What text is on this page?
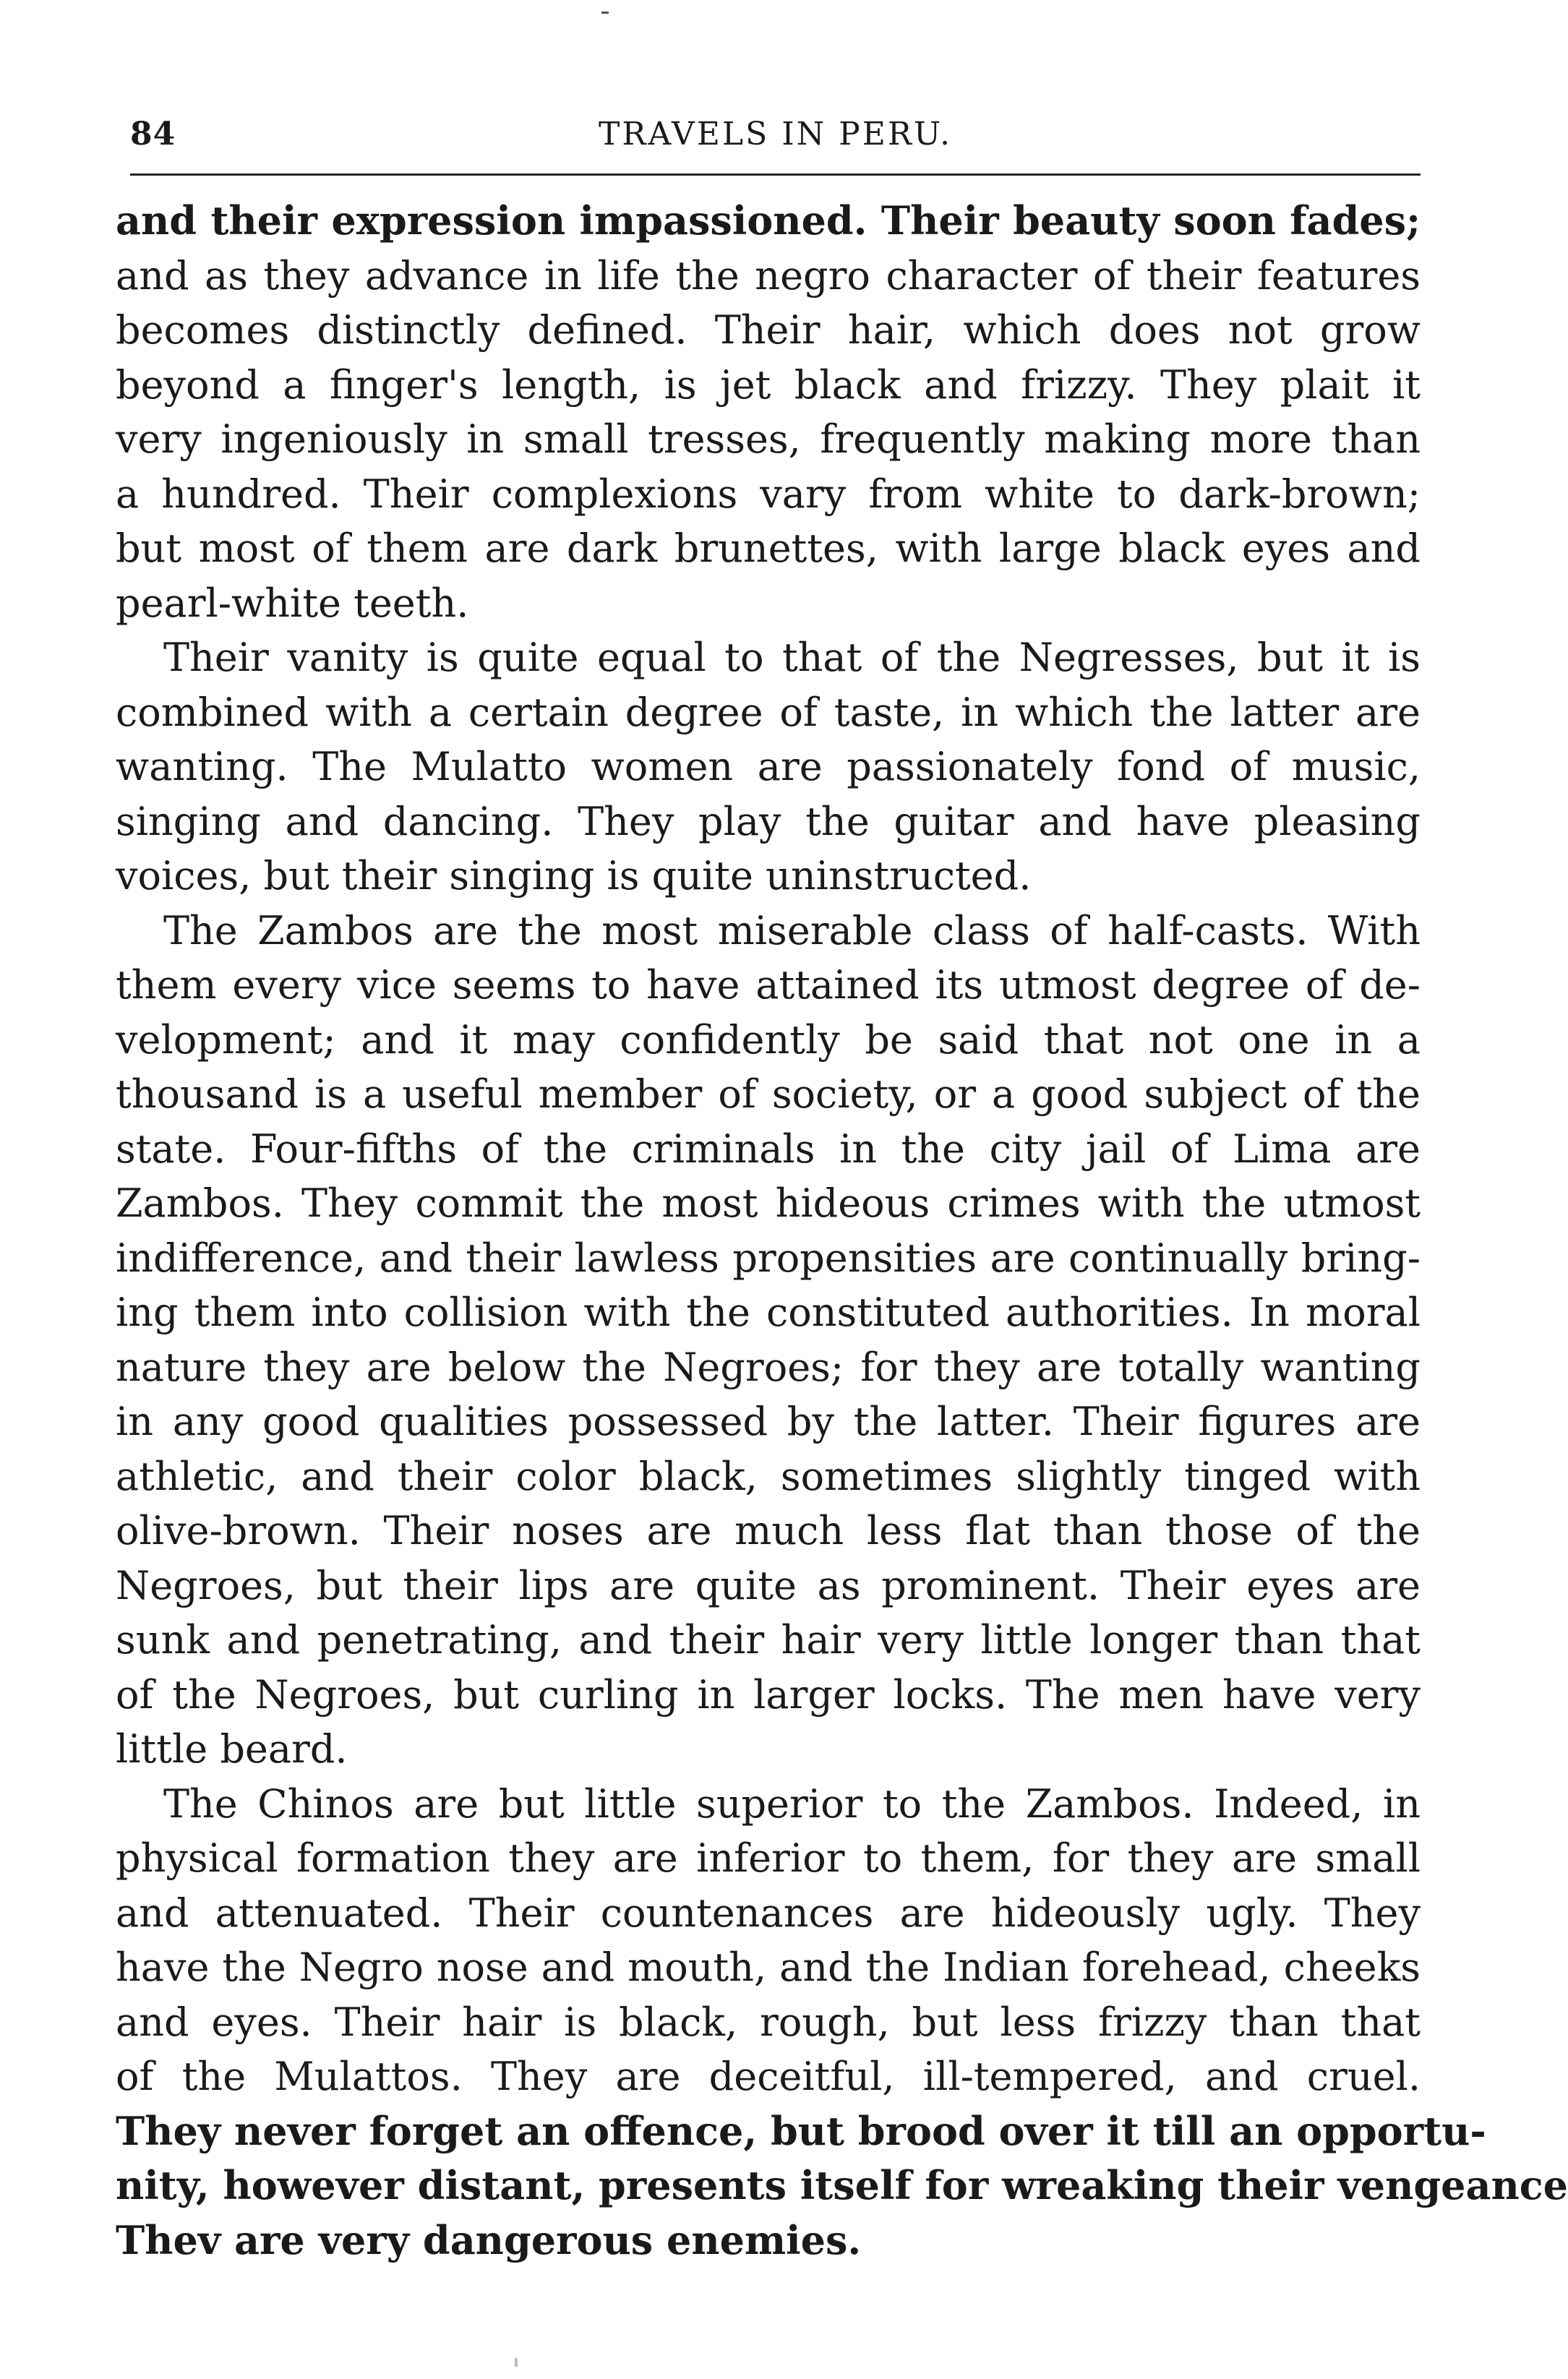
84	TRAVELS IN PERU.
and their expression impassioned. Their beauty soon fades;
and as they advance in life the negro character of their features
becomes distinctly defined. Their hair, which does not grow
beyond a finger's length, is jet black and frizzy. They plait it
very ingeniously in small tresses, frequently making more than
a hundred. Their complexions vary from white to dark-brown;
but most of them are dark brunettes, with large black eyes and
pearl-white teeth.
Their vanity is quite equal to that of the Negresses, but it is
combined with a certain degree of taste, in which the latter are
wanting. The Mulatto women are passionately fond of music,
singing and dancing. They play the guitar and have pleasing
voices, but their singing is quite uninstructed.
The Zambos are the most miserable class of half-casts. With
them every vice seems to have attained its utmost degree of de-
velopment; and it may confidently be said that not one in a
thousand is a useful member of society, or a good subject of the
state. Four-fifths of the criminals in the city jail of Lima are
Zambos. They commit the most hideous crimes with the utmost
indifference, and their lawless propensities are continually bring-
ing them into collision with the constituted authorities. In moral
nature they are below the Negroes; for they are totally wanting
in any good qualities possessed by the latter. Their figures are
athletic, and their color black, sometimes slightly tinged with
olive-brown. Their noses are much less flat than those of the
Negroes, but their lips are quite as prominent. Their eyes are
sunk and penetrating, and their hair very little longer than that
of the Negroes, but curling in larger locks. The men have very
little beard.
The Chinos are but little superior to the Zambos. Indeed, in
physical formation they are inferior to them, for they are small
and attenuated. Their countenances are hideously ugly. They
have the Negro nose and mouth, and the Indian forehead, cheeks
and eyes. Their hair is black, rough, but less frizzy than that
of the Mulattos. They are deceitful, ill-tempered, and cruel.
They never forget an offence, but brood over it till an opportu-
nity, however distant, presents itself for wreaking their vengeance
Thev are very dangerous enemies.
